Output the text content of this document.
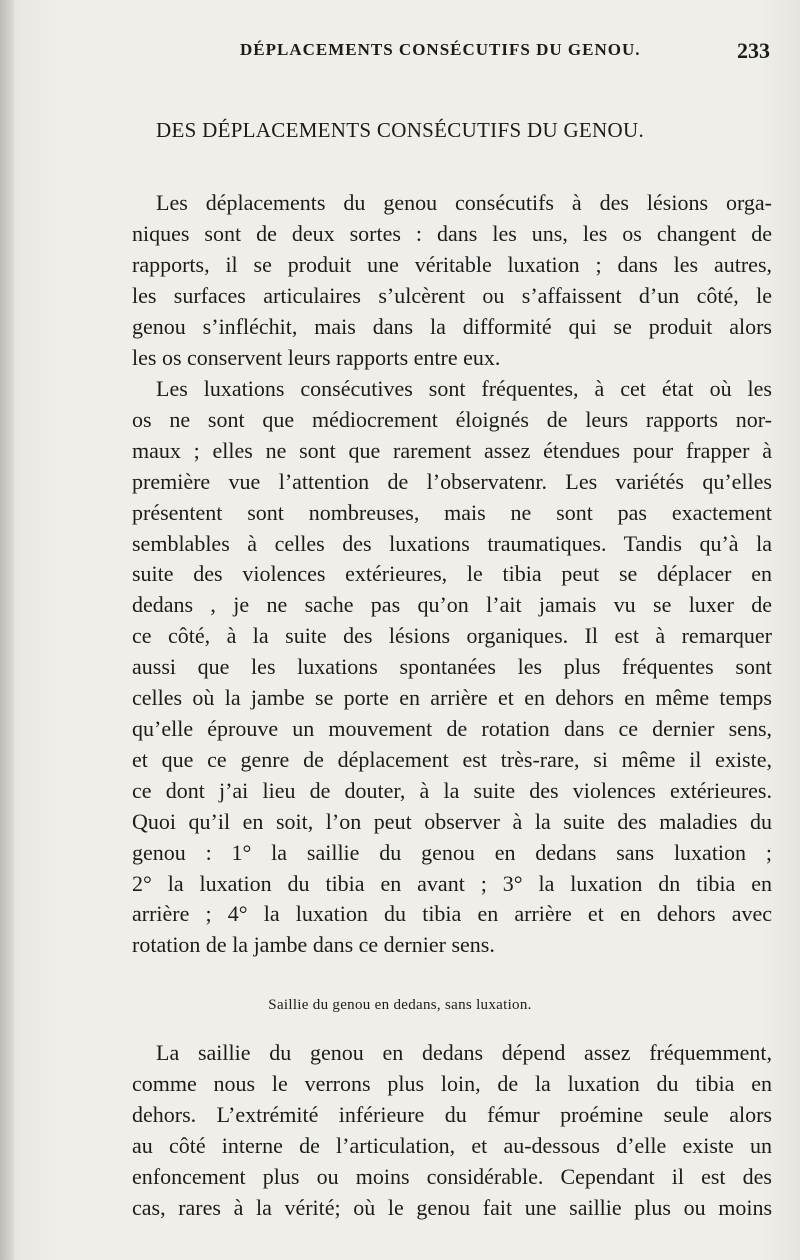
DÉPLACEMENTS CONSÉCUTIFS DU GENOU.	233
DES DÉPLACEMENTS CONSÉCUTIFS DU GENOU.
Les déplacements du genou consécutifs à des lésions orga-
niques sont de deux sortes : dans les uns, les os changent de
rapports, il se produit une véritable luxation ; dans les autres,
les surfaces articulaires s’ulcèrent ou s’affaissent d’un côté, le
genou s’infléchit, mais dans la difformité qui se produit alors
les os conservent leurs rapports entre eux.
Les luxations consécutives sont fréquentes, à cet état où les
os ne sont que médiocrement éloignés de leurs rapports nor-
maux ; elles ne sont que rarement assez étendues pour frapper à
première vue l’attention de l’observatenr. Les variétés qu’elles
présentent sont nombreuses, mais ne sont pas exactement
semblables à celles des luxations traumatiques. Tandis qu’à la
suite des violences extérieures, le tibia peut se déplacer en
dedans , je ne sache pas qu’on l’ait jamais vu se luxer de
ce côté, à la suite des lésions organiques. Il est à remarquer
aussi que les luxations spontanées les plus fréquentes sont
celles où la jambe se porte en arrière et en dehors en même temps
qu’elle éprouve un mouvement de rotation dans ce dernier sens,
et que ce genre de déplacement est très-rare, si même il existe,
ce dont j’ai lieu de douter, à la suite des violences extérieures.
Quoi qu’il en soit, l’on peut observer à la suite des maladies du
genou : 1° la saillie du genou en dedans sans luxation ;
2° la luxation du tibia en avant ; 3° la luxation dn tibia en
arrière ; 4° la luxation du tibia en arrière et en dehors avec
rotation de la jambe dans ce dernier sens.
Saillie du genou en dedans, sans luxation.
La saillie du genou en dedans dépend assez fréquemment,
comme nous le verrons plus loin, de la luxation du tibia en
dehors. L’extrémité inférieure du fémur proémine seule alors
au côté interne de l’articulation, et au-dessous d’elle existe un
enfoncement plus ou moins considérable. Cependant il est des
cas, rares à la vérité; où le genou fait une saillie plus ou moins
